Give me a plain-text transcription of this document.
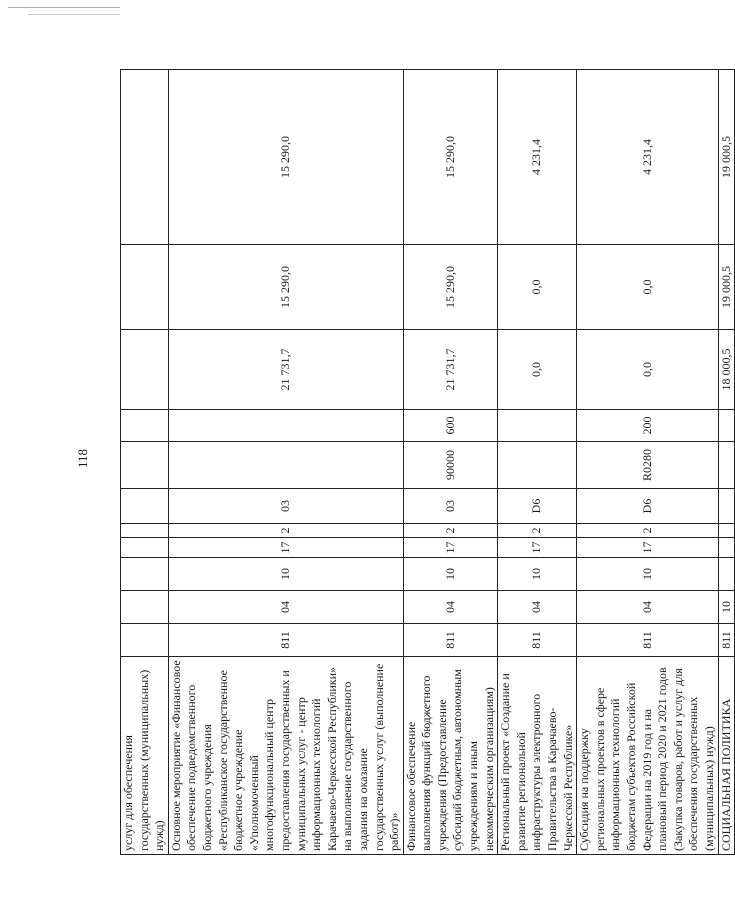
118
услуг для обеспечения государственных (муниципальных) нужд)											
Основное мероприятие «Финансовое обеспечение подведомственного бюджетного учреждения «Республиканское государственное бюджетное учреждение «Уполномоченный многофункциональный центр предоставления государственных и муниципальных услуг - центр информационных технологий Карачаево-Черкесской Республики» на выполнение государственного задания на оказание государственных услуг (выполнение работ)»	811	04	10	17	2	03			21 731,7	15 290,0	15 290,0
Финансовое обеспечение выполнения функций бюджетного учреждения (Предоставление субсидий бюджетным, автономным учреждениям и иным некоммерческим организациям)	811	04	10	17	2	03	90000	600	21 731,7	15 290,0	15 290,0
Региональный проект «Создание и развитие региональной инфраструктуры электронного Правительства в Карачаево-Черкесской Республике»	811	04	10	17	2	D6			0,0	0,0	4 231,4
Субсидия на поддержку региональных проектов в сфере информационных технологий бюджетам субъектов Российской Федерации на 2019 год и на плановый период 2020 и 2021 годов (Закупка товаров, работ и услуг для обеспечения государственных (муниципальных) нужд)	811	04	10	17	2	D6	R0280	200	0,0	0,0	4 231,4
СОЦИАЛЬНАЯ ПОЛИТИКА	811	10							18 000,5	19 000,5	19 000,5
